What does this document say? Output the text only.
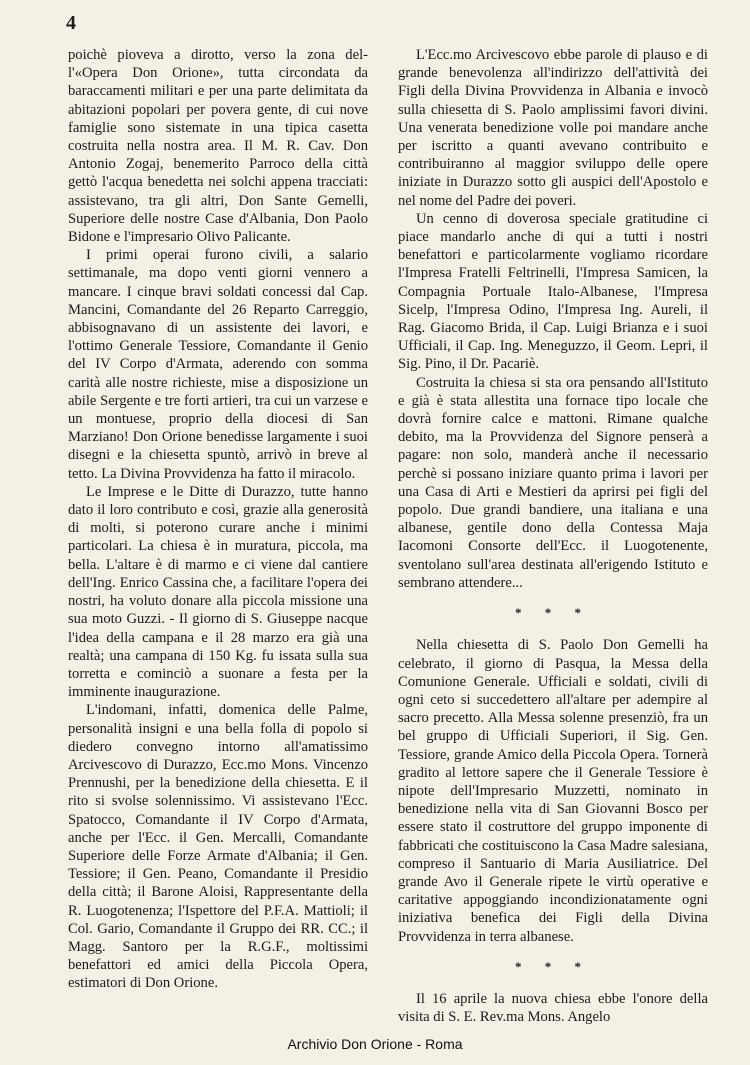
4

poichè pioveva a dirotto, verso la zona del-l'«Opera Don Orione», tutta circondata da baraccamenti militari e per una parte delimitata da abitazioni popolari per povera gente, di cui nove famiglie sono sistemate in una tipica casetta costruita nella nostra area. Il M. R. Cav. Don Antonio Zogaj, benemerito Parroco della città gettò l'acqua benedetta nei solchi appena tracciati: assistevano, tra gli altri, Don Sante Gemelli, Superiore delle nostre Case d'Albania, Don Paolo Bidone e l'impresario Olivo Palicante.

I primi operai furono civili, a salario settimanale, ma dopo venti giorni vennero a mancare. I cinque bravi soldati concessi dal Cap. Mancini, Comandante del 26 Reparto Carreggio, abbisognavano di un assistente dei lavori, e l'ottimo Generale Tessiore, Comandante il Genio del IV Corpo d'Armata, aderendo con somma carità alle nostre richieste, mise a disposizione un abile Sergente e tre forti artieri, tra cui un varzese e un montuese, proprio della diocesi di San Marziano! Don Orione benedisse largamente i suoi disegni e la chiesetta spuntò, arrivò in breve al tetto. La Divina Provvidenza ha fatto il miracolo.

Le Imprese e le Ditte di Durazzo, tutte hanno dato il loro contributo e così, grazie alla generosità di molti, si poterono curare anche i minimi particolari. La chiesa è in muratura, piccola, ma bella. L'altare è di marmo e ci viene dal cantiere dell'Ing. Enrico Cassina che, a facilitare l'opera dei nostri, ha voluto donare alla piccola missione una sua moto Guzzi. - Il giorno di S. Giuseppe nacque l'idea della campana e il 28 marzo era già una realtà; una campana di 150 Kg. fu issata sulla sua torretta e cominciò a suonare a festa per la imminente inaugurazione.

L'indomani, infatti, domenica delle Palme, personalità insigni e una bella folla di popolo si diedero convegno intorno all'amatissimo Arcivescovo di Durazzo, Ecc.mo Mons. Vincenzo Prennushi, per la benedizione della chiesetta. E il rito si svolse solennissimo. Vi assistevano l'Ecc. Spatocco, Comandante il IV Corpo d'Armata, anche per l'Ecc. il Gen. Mercalli, Comandante Superiore delle Forze Armate d'Albania; il Gen. Tessiore; il Gen. Peano, Comandante il Presidio della città; il Barone Aloisi, Rappresentante della R. Luogotenenza; l'Ispettore del P.F.A. Mattioli; il Col. Gario, Comandante il Gruppo dei RR. CC.; il Magg. Santoro per la R.G.F., moltissimi benefattori ed amici della Piccola Opera, estimatori di Don Orione.

L'Ecc.mo Arcivescovo ebbe parole di plauso e di grande benevolenza all'indirizzo dell'attività dei Figli della Divina Provvidenza in Albania e invocò sulla chiesetta di S. Paolo amplissimi favori divini. Una venerata benedizione volle poi mandare anche per iscritto a quanti avevano contribuito e contribuiranno al maggior sviluppo delle opere iniziate in Durazzo sotto gli auspici dell'Apostolo e nel nome del Padre dei poveri.

Un cenno di doverosa speciale gratitudine ci piace mandarlo anche di qui a tutti i nostri benefattori e particolarmente vogliamo ricordare l'Impresa Fratelli Feltrinelli, l'Impresa Samicen, la Compagnia Portuale Italo-Albanese, l'Impresa Sicelp, l'Impresa Odino, l'Impresa Ing. Aureli, il Rag. Giacomo Brida, il Cap. Luigi Brianza e i suoi Ufficiali, il Cap. Ing. Meneguzzo, il Geom. Lepri, il Sig. Pino, il Dr. Pacariè.

Costruita la chiesa si sta ora pensando all'Istituto e già è stata allestita una fornace tipo locale che dovrà fornire calce e mattoni. Rimane qualche debito, ma la Provvidenza del Signore penserà a pagare: non solo, manderà anche il necessario perchè si possano iniziare quanto prima i lavori per una Casa di Arti e Mestieri da aprirsi pei figli del popolo. Due grandi bandiere, una italiana e una albanese, gentile dono della Contessa Maja Iacomoni Consorte dell'Ecc. il Luogotenente, sventolano sull'area destinata all'erigendo Istituto e sembrano attendere...

* * *

Nella chiesetta di S. Paolo Don Gemelli ha celebrato, il giorno di Pasqua, la Messa della Comunione Generale. Ufficiali e soldati, civili di ogni ceto si succedettero all'altare per adempire al sacro precetto. Alla Messa solenne presenziò, fra un bel gruppo di Ufficiali Superiori, il Sig. Gen. Tessiore, grande Amico della Piccola Opera. Tornerà gradito al lettore sapere che il Generale Tessiore è nipote dell'Impresario Muzzetti, nominato in benedizione nella vita di San Giovanni Bosco per essere stato il costruttore del gruppo imponente di fabbricati che costituiscono la Casa Madre salesiana, compreso il Santuario di Maria Ausiliatrice. Del grande Avo il Generale ripete le virtù operative e caritative appoggiando incondizionatamente ogni iniziativa benefica dei Figli della Divina Provvidenza in terra albanese.

* * *

Il 16 aprile la nuova chiesa ebbe l'onore della visita di S. E. Rev.ma Mons. Angelo

Archivio Don Orione - Roma
